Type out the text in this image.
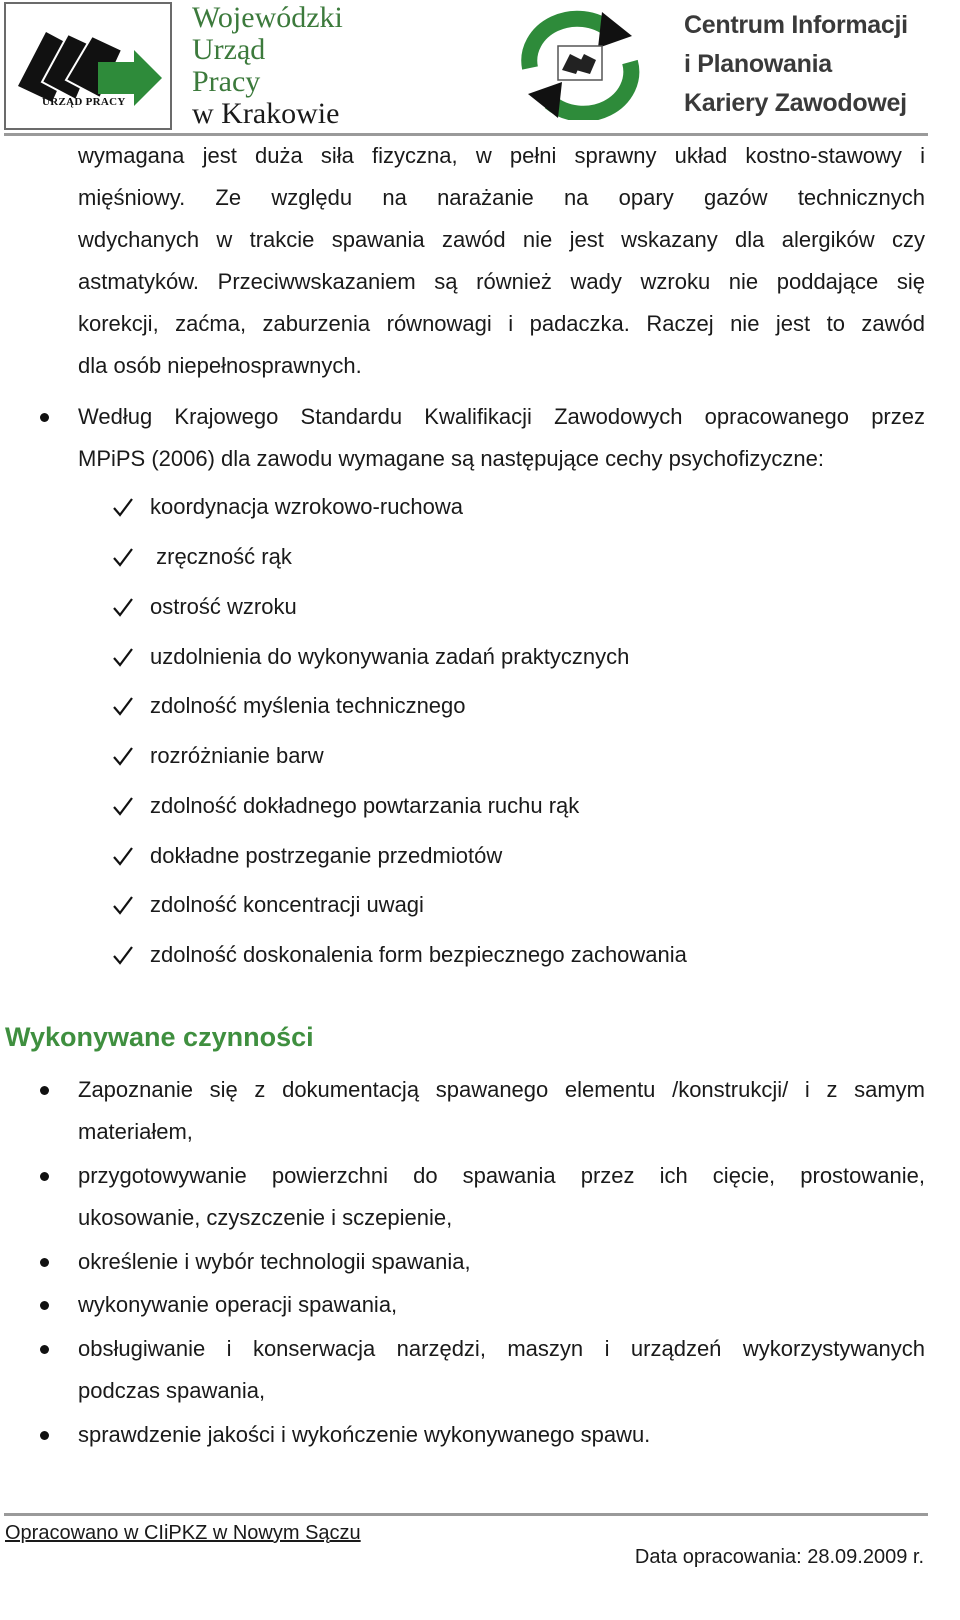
URZĄD PRACY
Wojewódzki
Urząd
Pracy
w Krakowie
Centrum Informacji
i Planowania
Kariery Zawodowej
wymagana jest duża siła fizyczna, w pełni sprawny układ kostno-stawowy i
mięśniowy. Ze względu na narażanie na opary gazów technicznych
wdychanych w trakcie spawania zawód nie jest wskazany dla alergików czy
astmatyków. Przeciwwskazaniem są również wady wzroku nie poddające się
korekcji, zaćma, zaburzenia równowagi i padaczka. Raczej nie jest to zawód
dla osób niepełnosprawnych.
Według Krajowego Standardu Kwalifikacji Zawodowych opracowanego przez
MPiPS (2006) dla zawodu wymagane są następujące cechy psychofizyczne:
koordynacja wzrokowo-ruchowa
zręczność rąk
ostrość wzroku
uzdolnienia do wykonywania zadań praktycznych
zdolność myślenia technicznego
rozróżnianie barw
zdolność dokładnego powtarzania ruchu rąk
dokładne postrzeganie przedmiotów
zdolność koncentracji uwagi
zdolność doskonalenia form bezpiecznego zachowania
Wykonywane czynności
Zapoznanie się z dokumentacją spawanego elementu /konstrukcji/ i z samym
materiałem,
przygotowywanie powierzchni do spawania przez ich cięcie, prostowanie,
ukosowanie, czyszczenie i sczepienie,
określenie i wybór technologii spawania,
wykonywanie operacji spawania,
obsługiwanie i konserwacja narzędzi, maszyn i urządzeń wykorzystywanych
podczas spawania,
sprawdzenie jakości i wykończenie wykonywanego spawu.
Opracowano w CIiPKZ w Nowym Sączu
Data opracowania: 28.09.2009 r.
